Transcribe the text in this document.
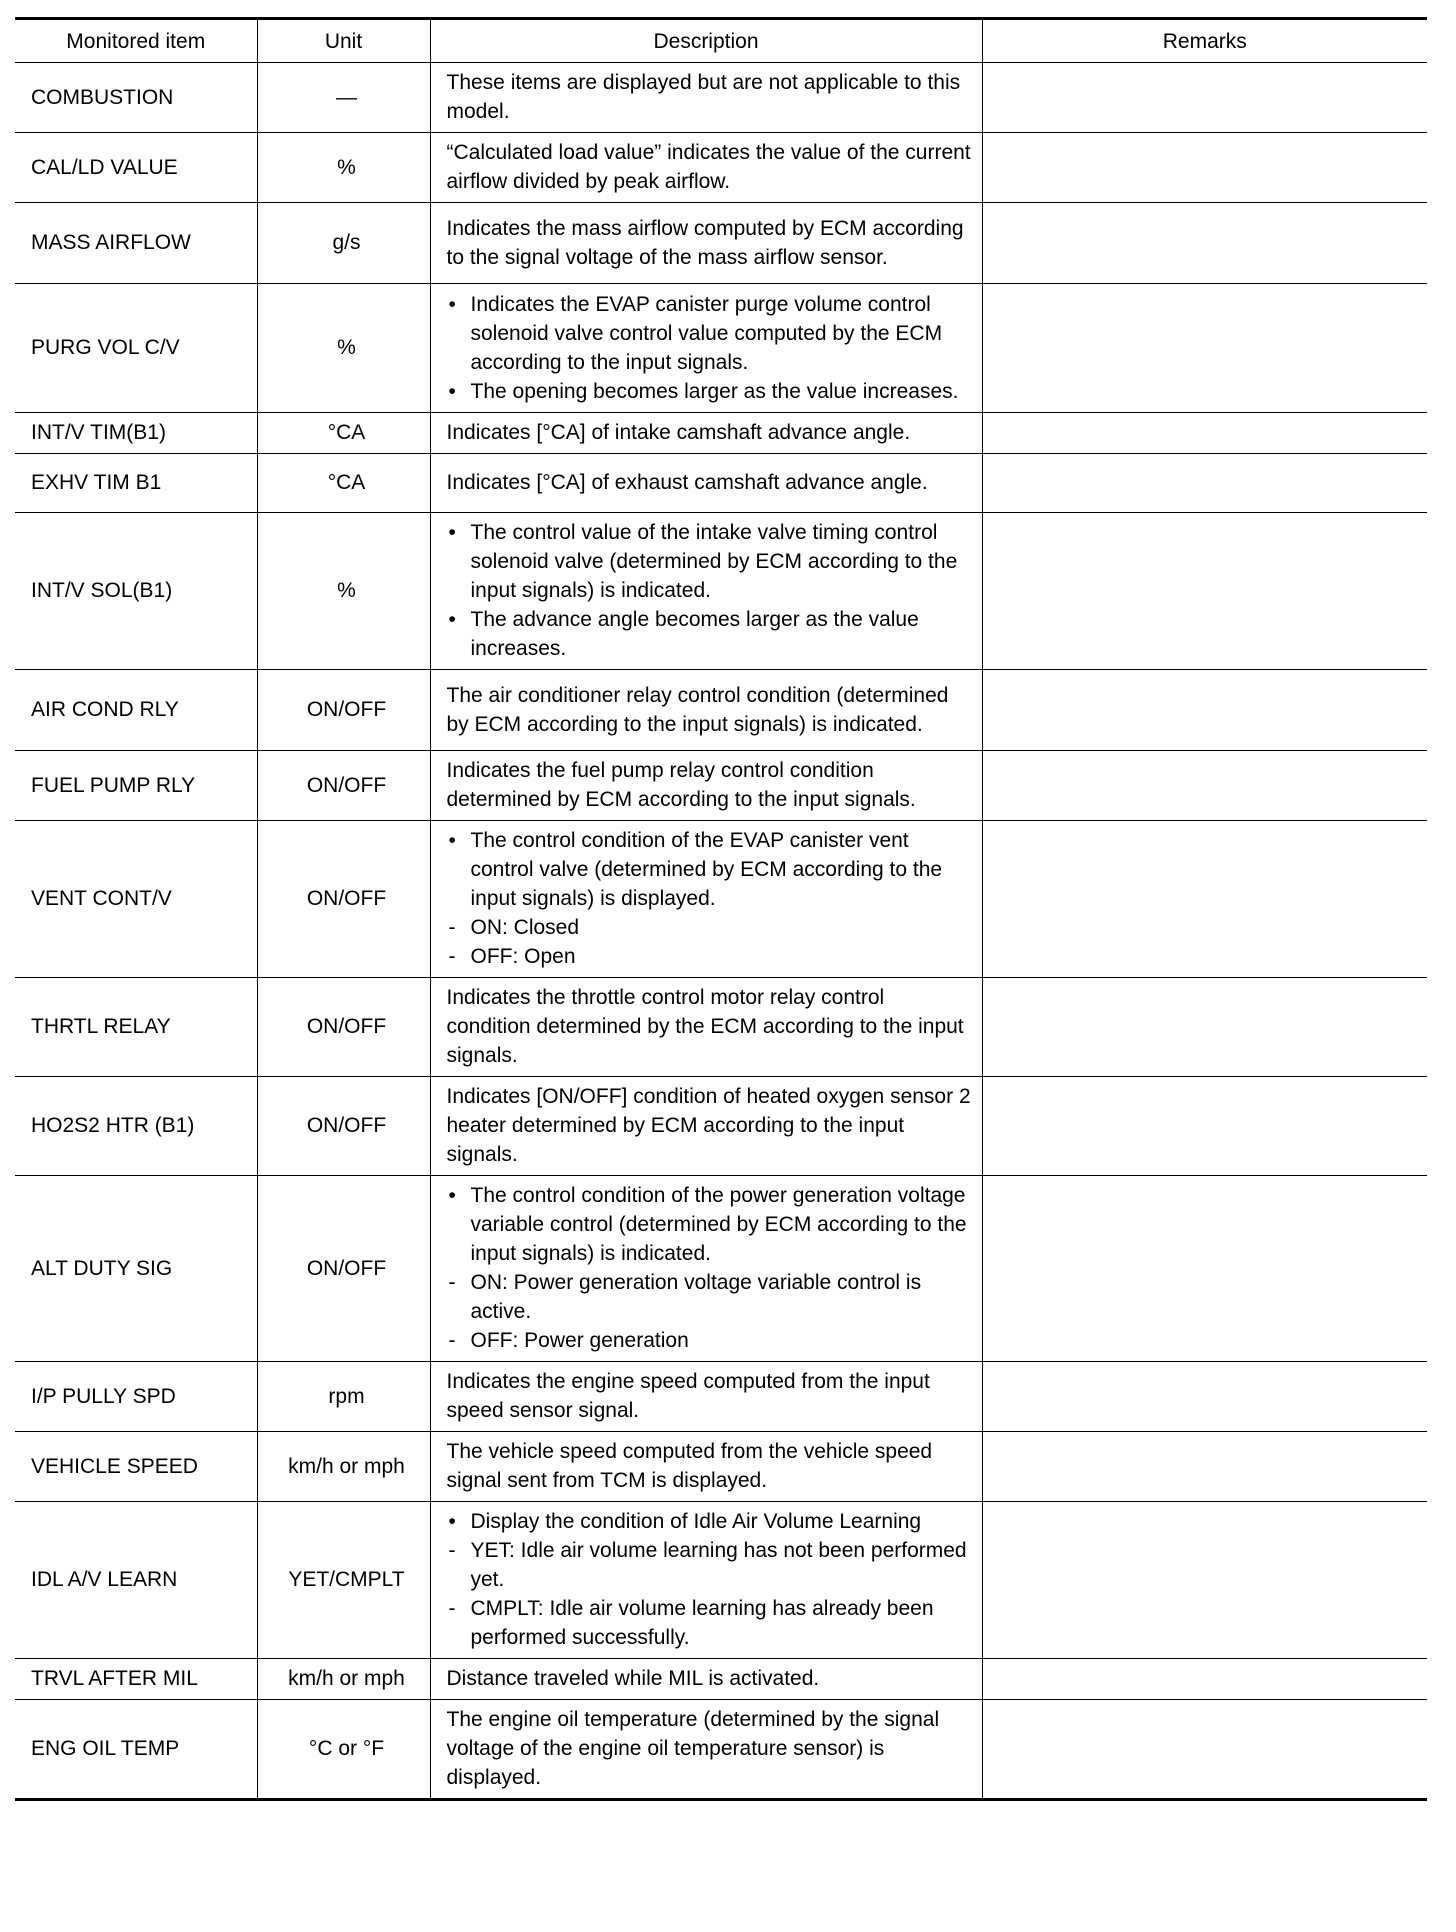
Monitored item	Unit	Description	Remarks
COMBUSTION	—	These items are displayed but are not applicable to this model.	

CAL/LD VALUE	%	“Calculated load value” indicates the value of the current airflow divided by peak airflow.	

MASS AIRFLOW	g/s	Indicates the mass airflow computed by ECM according to the signal voltage of the mass airflow sensor.	

PURG VOL C/V	%	• Indicates the EVAP canister purge volume control solenoid valve control value computed by the ECM according to the input signals.
• The opening becomes larger as the value increases.

INT/V TIM(B1)	°CA	Indicates [°CA] of intake camshaft advance angle.	

EXHV TIM B1	°CA	Indicates [°CA] of exhaust camshaft advance angle.	

INT/V SOL(B1)	%	• The control value of the intake valve timing control solenoid valve (determined by ECM according to the input signals) is indicated.
• The advance angle becomes larger as the value increases.

AIR COND RLY	ON/OFF	The air conditioner relay control condition (determined by ECM according to the input signals) is indicated.	

FUEL PUMP RLY	ON/OFF	Indicates the fuel pump relay control condition determined by ECM according to the input signals.	

VENT CONT/V	ON/OFF	• The control condition of the EVAP canister vent control valve (determined by ECM according to the input signals) is displayed.
- ON: Closed
- OFF: Open

THRTL RELAY	ON/OFF	Indicates the throttle control motor relay control condition determined by the ECM according to the input signals.	

HO2S2 HTR (B1)	ON/OFF	Indicates [ON/OFF] condition of heated oxygen sensor 2 heater determined by ECM according to the input signals.	

ALT DUTY SIG	ON/OFF	• The control condition of the power generation voltage variable control (determined by ECM according to the input signals) is indicated.
- ON: Power generation voltage variable control is active.
- OFF: Power generation

I/P PULLY SPD	rpm	Indicates the engine speed computed from the input speed sensor signal.	

VEHICLE SPEED	km/h or mph	The vehicle speed computed from the vehicle speed signal sent from TCM is displayed.	

IDL A/V LEARN	YET/CMPLT	• Display the condition of Idle Air Volume Learning
- YET: Idle air volume learning has not been performed yet.
- CMPLT: Idle air volume learning has already been performed successfully.

TRVL AFTER MIL	km/h or mph	Distance traveled while MIL is activated.	

ENG OIL TEMP	°C or °F	The engine oil temperature (determined by the signal voltage of the engine oil temperature sensor) is displayed.	
